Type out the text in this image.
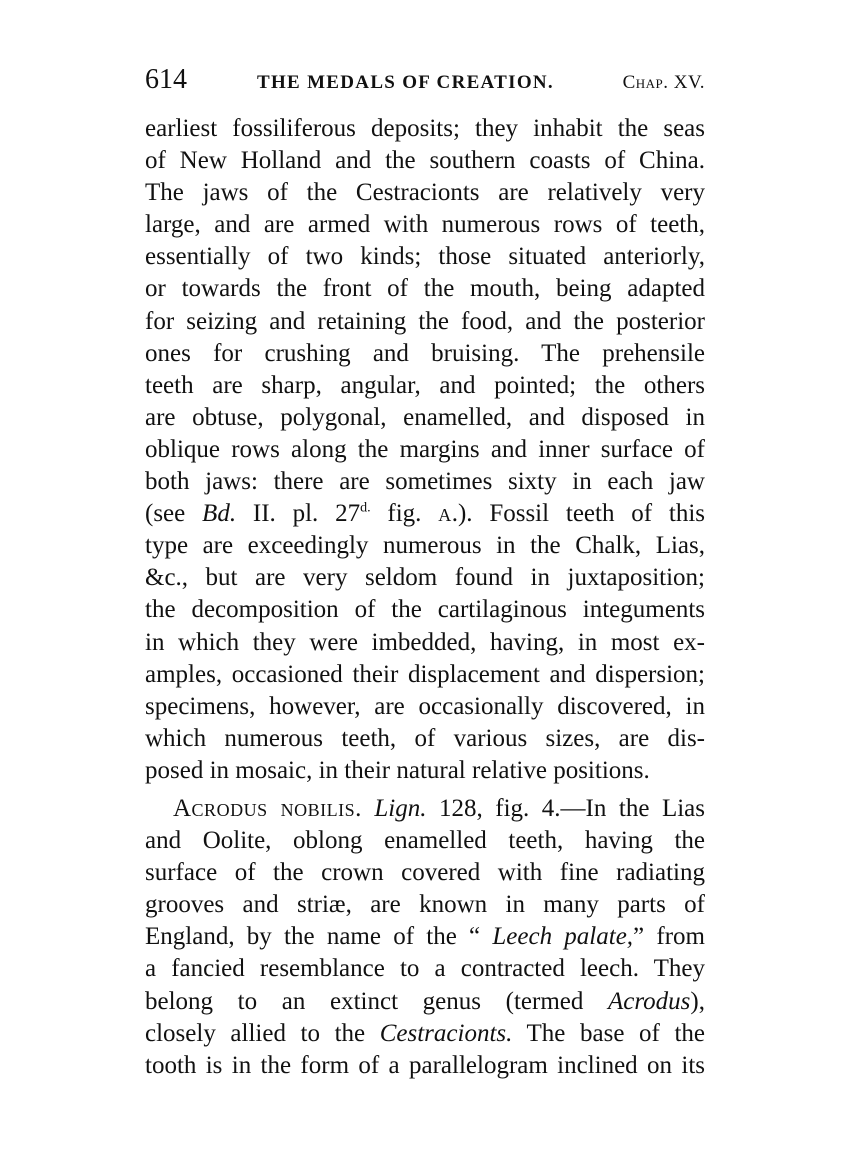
614	THE MEDALS OF CREATION.	Chap. XV.
earliest fossiliferous deposits; they inhabit the seas
of New Holland and the southern coasts of China.
The jaws of the Cestracionts are relatively very
large, and are armed with numerous rows of teeth,
essentially of two kinds; those situated anteriorly,
or towards the front of the mouth, being adapted
for seizing and retaining the food, and the posterior
ones for crushing and bruising. The prehensile
teeth are sharp, angular, and pointed; the others
are obtuse, polygonal, enamelled, and disposed in
oblique rows along the margins and inner surface of
both jaws: there are sometimes sixty in each jaw
(see Bd. II. pl. $27^{d.}$ fig. a.). Fossil teeth of this
type are exceedingly numerous in the Chalk, Lias,
&c., but are very seldom found in juxtaposition;
the decomposition of the cartilaginous integuments
in which they were imbedded, having, in most ex-
amples, occasioned their displacement and dispersion;
specimens, however, are occasionally discovered, in
which numerous teeth, of various sizes, are dis-
posed in mosaic, in their natural relative positions.
Acrodus nobilis. Lign. 128, fig. 4.—In the Lias
and Oolite, oblong enamelled teeth, having the
surface of the crown covered with fine radiating
grooves and striæ, are known in many parts of
England, by the name of the “ Leech palate,” from
a fancied resemblance to a contracted leech. They
belong to an extinct genus (termed Acrodus),
closely allied to the Cestracionts. The base of the
tooth is in the form of a parallelogram inclined on its
